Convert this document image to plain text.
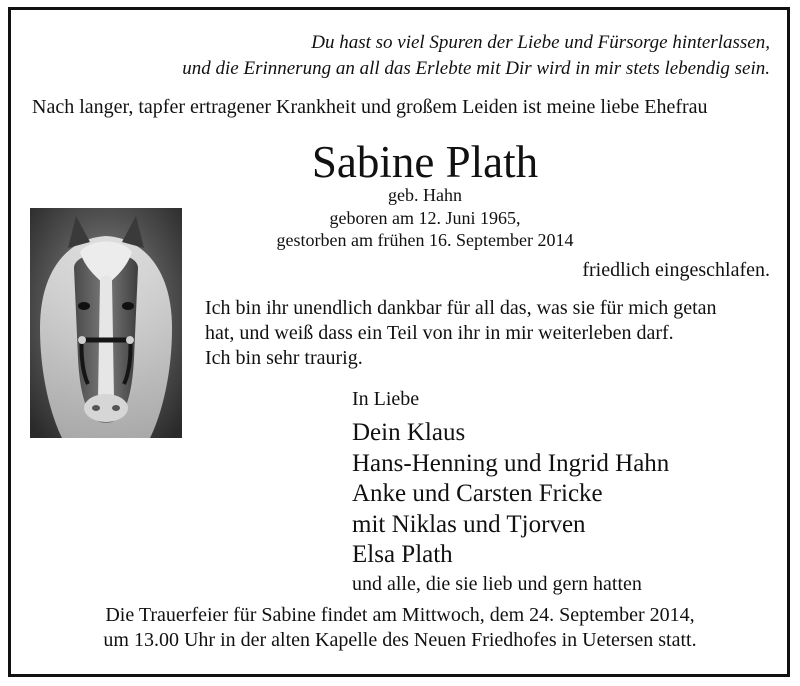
Du hast so viel Spuren der Liebe und Fürsorge hinterlassen,
und die Erinnerung an all das Erlebte mit Dir wird in mir stets lebendig sein.
Nach langer, tapfer ertragener Krankheit und großem Leiden ist meine liebe Ehefrau
Sabine Plath
geb. Hahn
geboren am 12. Juni 1965,
gestorben am frühen 16. September 2014
friedlich eingeschlafen.
Ich bin ihr unendlich dankbar für all das, was sie für mich getan
hat, und weiß dass ein Teil von ihr in mir weiterleben darf.
Ich bin sehr traurig.
In Liebe
Dein Klaus
Hans-Henning und Ingrid Hahn
Anke und Carsten Fricke
mit Niklas und Tjorven
Elsa Plath
und alle, die sie lieb und gern hatten
Die Trauerfeier für Sabine findet am Mittwoch, dem 24. September 2014,
um 13.00 Uhr in der alten Kapelle des Neuen Friedhofes in Uetersen statt.
